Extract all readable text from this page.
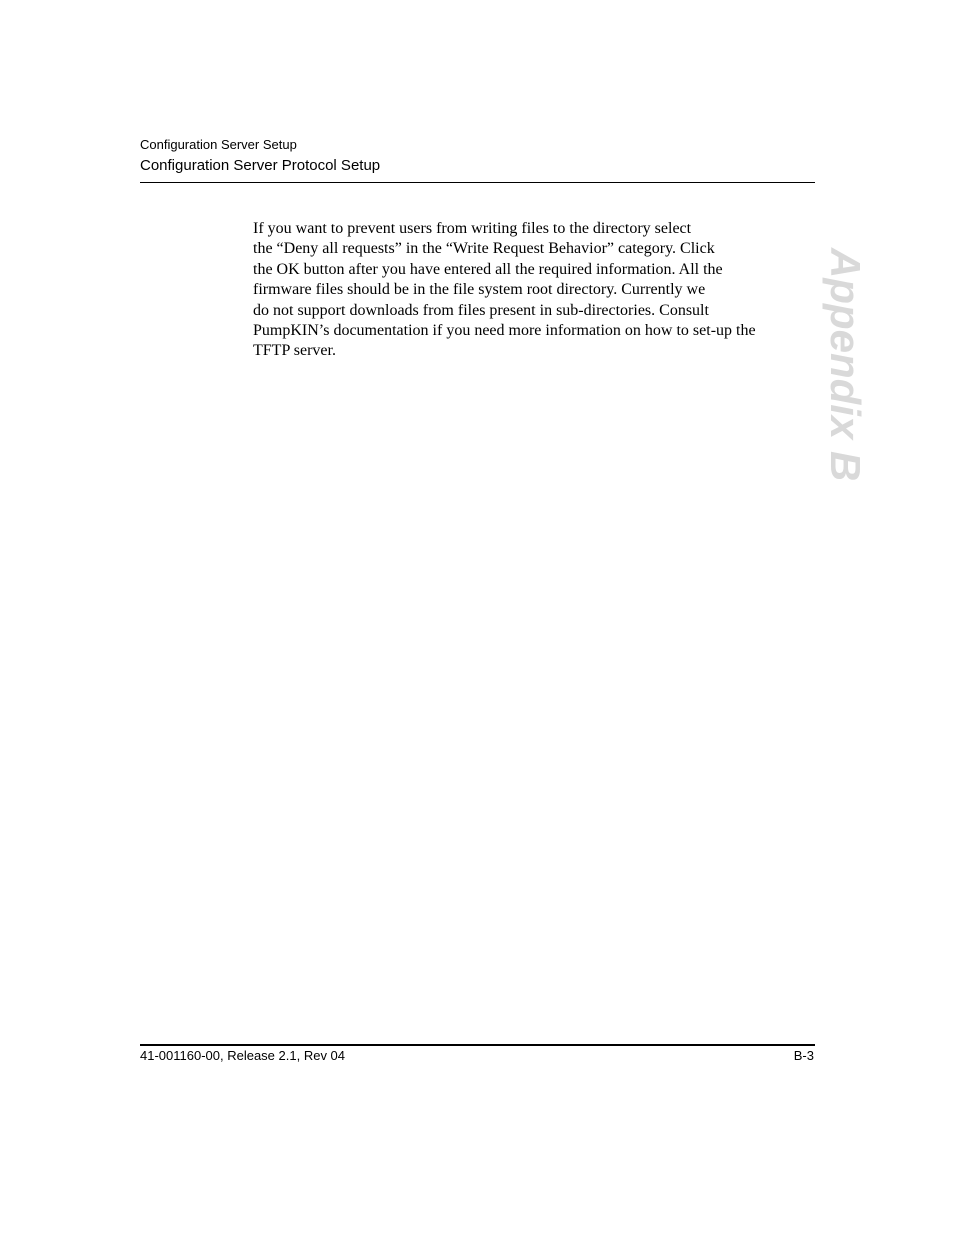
Configuration Server Setup
Configuration Server Protocol Setup
If you want to prevent users from writing files to the directory select
the “Deny all requests” in the “Write Request Behavior” category. Click
the OK button after you have entered all the required information. All the
firmware files should be in the file system root directory. Currently we
do not support downloads from files present in sub-directories. Consult
PumpKIN’s documentation if you need more information on how to set-up the
TFTP server.	Appendix B
41-001160-00, Release 2.1, Rev 04	B-3
